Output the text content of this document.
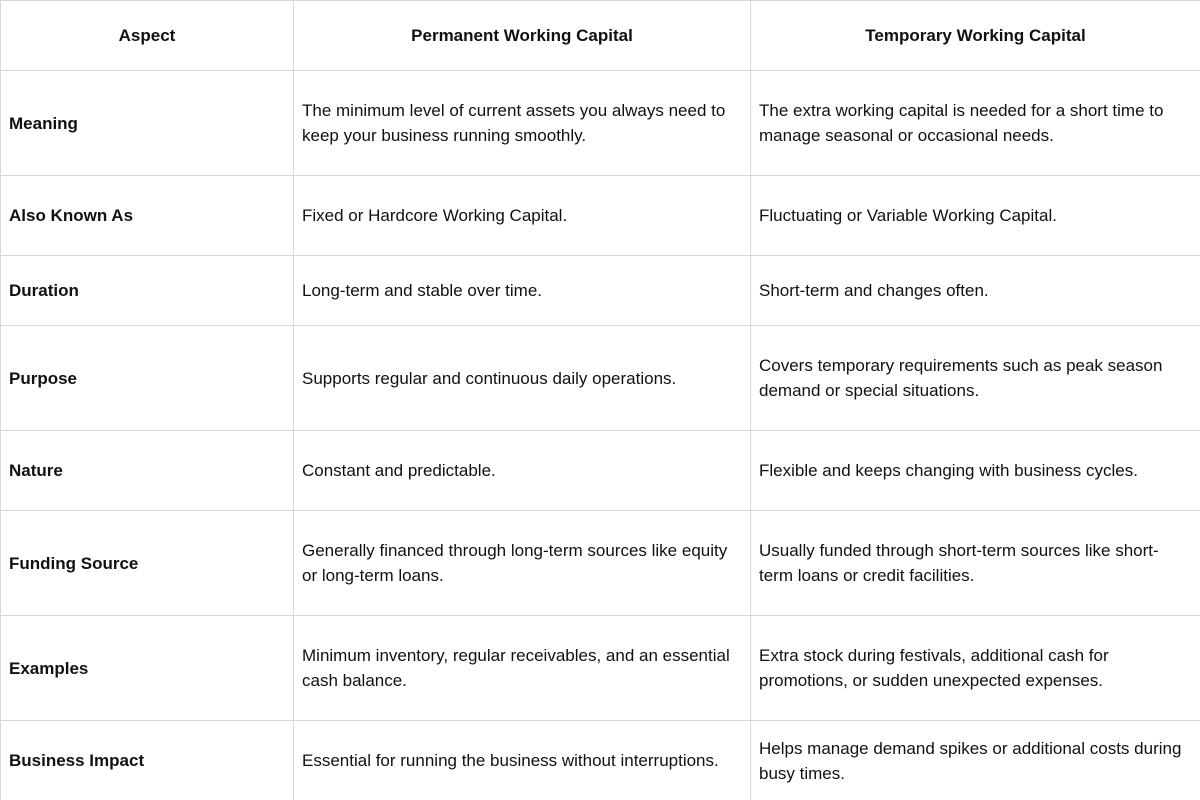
Aspect	Permanent Working Capital	Temporary Working Capital
Meaning	The minimum level of current assets you always need to keep your business running smoothly.	The extra working capital is needed for a short time to manage seasonal or occasional needs.
Also Known As	Fixed or Hardcore Working Capital.	Fluctuating or Variable Working Capital.
Duration	Long-term and stable over time.	Short-term and changes often.
Purpose	Supports regular and continuous daily operations.	Covers temporary requirements such as peak season demand or special situations.
Nature	Constant and predictable.	Flexible and keeps changing with business cycles.
Funding Source	Generally financed through long-term sources like equity or long-term loans.	Usually funded through short-term sources like short-term loans or credit facilities.
Examples	Minimum inventory, regular receivables, and an essential cash balance.	Extra stock during festivals, additional cash for promotions, or sudden unexpected expenses.
Business Impact	Essential for running the business without interruptions.	Helps manage demand spikes or additional costs during busy times.
